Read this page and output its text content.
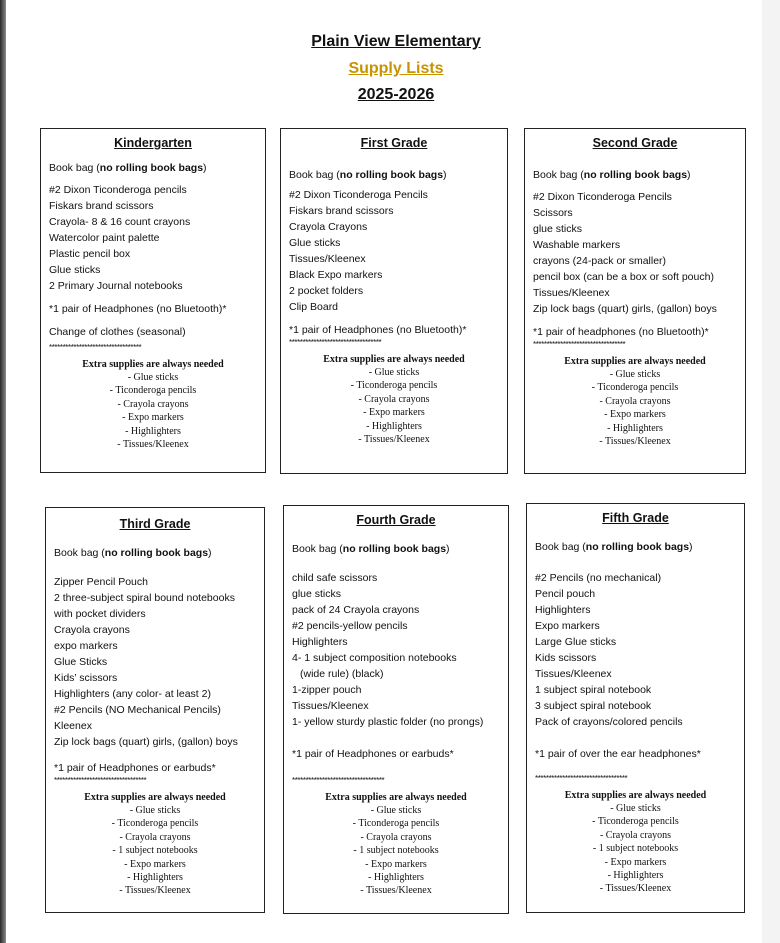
Plain View Elementary
Supply Lists
2025-2026
Kindergarten
Book bag (no rolling book bags)
#2 Dixon Ticonderoga pencils
Fiskars brand scissors
Crayola- 8 & 16 count crayons
Watercolor paint palette
Plastic pencil box
Glue sticks
2 Primary Journal notebooks
*1 pair of Headphones (no Bluetooth)*
Change of clothes (seasonal)
**********************************
Extra supplies are always needed
- Glue sticks
- Ticonderoga pencils
- Crayola crayons
- Expo markers
- Highlighters
- Tissues/Kleenex
First Grade
Book bag (no rolling book bags)
#2 Dixon Ticonderoga Pencils
Fiskars brand scissors
Crayola Crayons
Glue sticks
Tissues/Kleenex
Black Expo markers
2 pocket folders
Clip Board
*1 pair of Headphones (no Bluetooth)*
**********************************
Extra supplies are always needed
- Glue sticks
- Ticonderoga pencils
- Crayola crayons
- Expo markers
- Highlighters
- Tissues/Kleenex
Second Grade
Book bag (no rolling book bags)
#2 Dixon Ticonderoga Pencils
Scissors
glue sticks
Washable markers
crayons (24-pack or smaller)
pencil box (can be a box or soft pouch)
Tissues/Kleenex
Zip lock bags (quart) girls, (gallon) boys
*1 pair of headphones (no Bluetooth)*
**********************************
Extra supplies are always needed
- Glue sticks
- Ticonderoga pencils
- Crayola crayons
- Expo markers
- Highlighters
- Tissues/Kleenex
Third Grade
Book bag (no rolling book bags)
Zipper Pencil Pouch
2 three-subject spiral bound notebooks
with pocket dividers
Crayola crayons
expo markers
Glue Sticks
Kids’ scissors
Highlighters (any color- at least 2)
#2 Pencils (NO Mechanical Pencils)
Kleenex
Zip lock bags (quart) girls, (gallon) boys
*1 pair of Headphones or earbuds*
**********************************
Extra supplies are always needed
- Glue sticks
- Ticonderoga pencils
- Crayola crayons
- 1 subject notebooks
- Expo markers
- Highlighters
- Tissues/Kleenex
Fourth Grade
Book bag (no rolling book bags)
child safe scissors
glue sticks
pack of 24 Crayola crayons
#2 pencils-yellow pencils
Highlighters
4- 1 subject composition notebooks
(wide rule) (black)
1-zipper pouch
Tissues/Kleenex
1- yellow sturdy plastic folder (no prongs)
*1 pair of Headphones or earbuds*
**********************************
Extra supplies are always needed
- Glue sticks
- Ticonderoga pencils
- Crayola crayons
- 1 subject notebooks
- Expo markers
- Highlighters
- Tissues/Kleenex
Fifth Grade
Book bag (no rolling book bags)
#2 Pencils (no mechanical)
Pencil pouch
Highlighters
Expo markers
Large Glue sticks
Kids scissors
Tissues/Kleenex
1 subject spiral notebook
3 subject spiral notebook
Pack of crayons/colored pencils
*1 pair of over the ear headphones*
**********************************
Extra supplies are always needed
- Glue sticks
- Ticonderoga pencils
- Crayola crayons
- 1 subject notebooks
- Expo markers
- Highlighters
- Tissues/Kleenex
